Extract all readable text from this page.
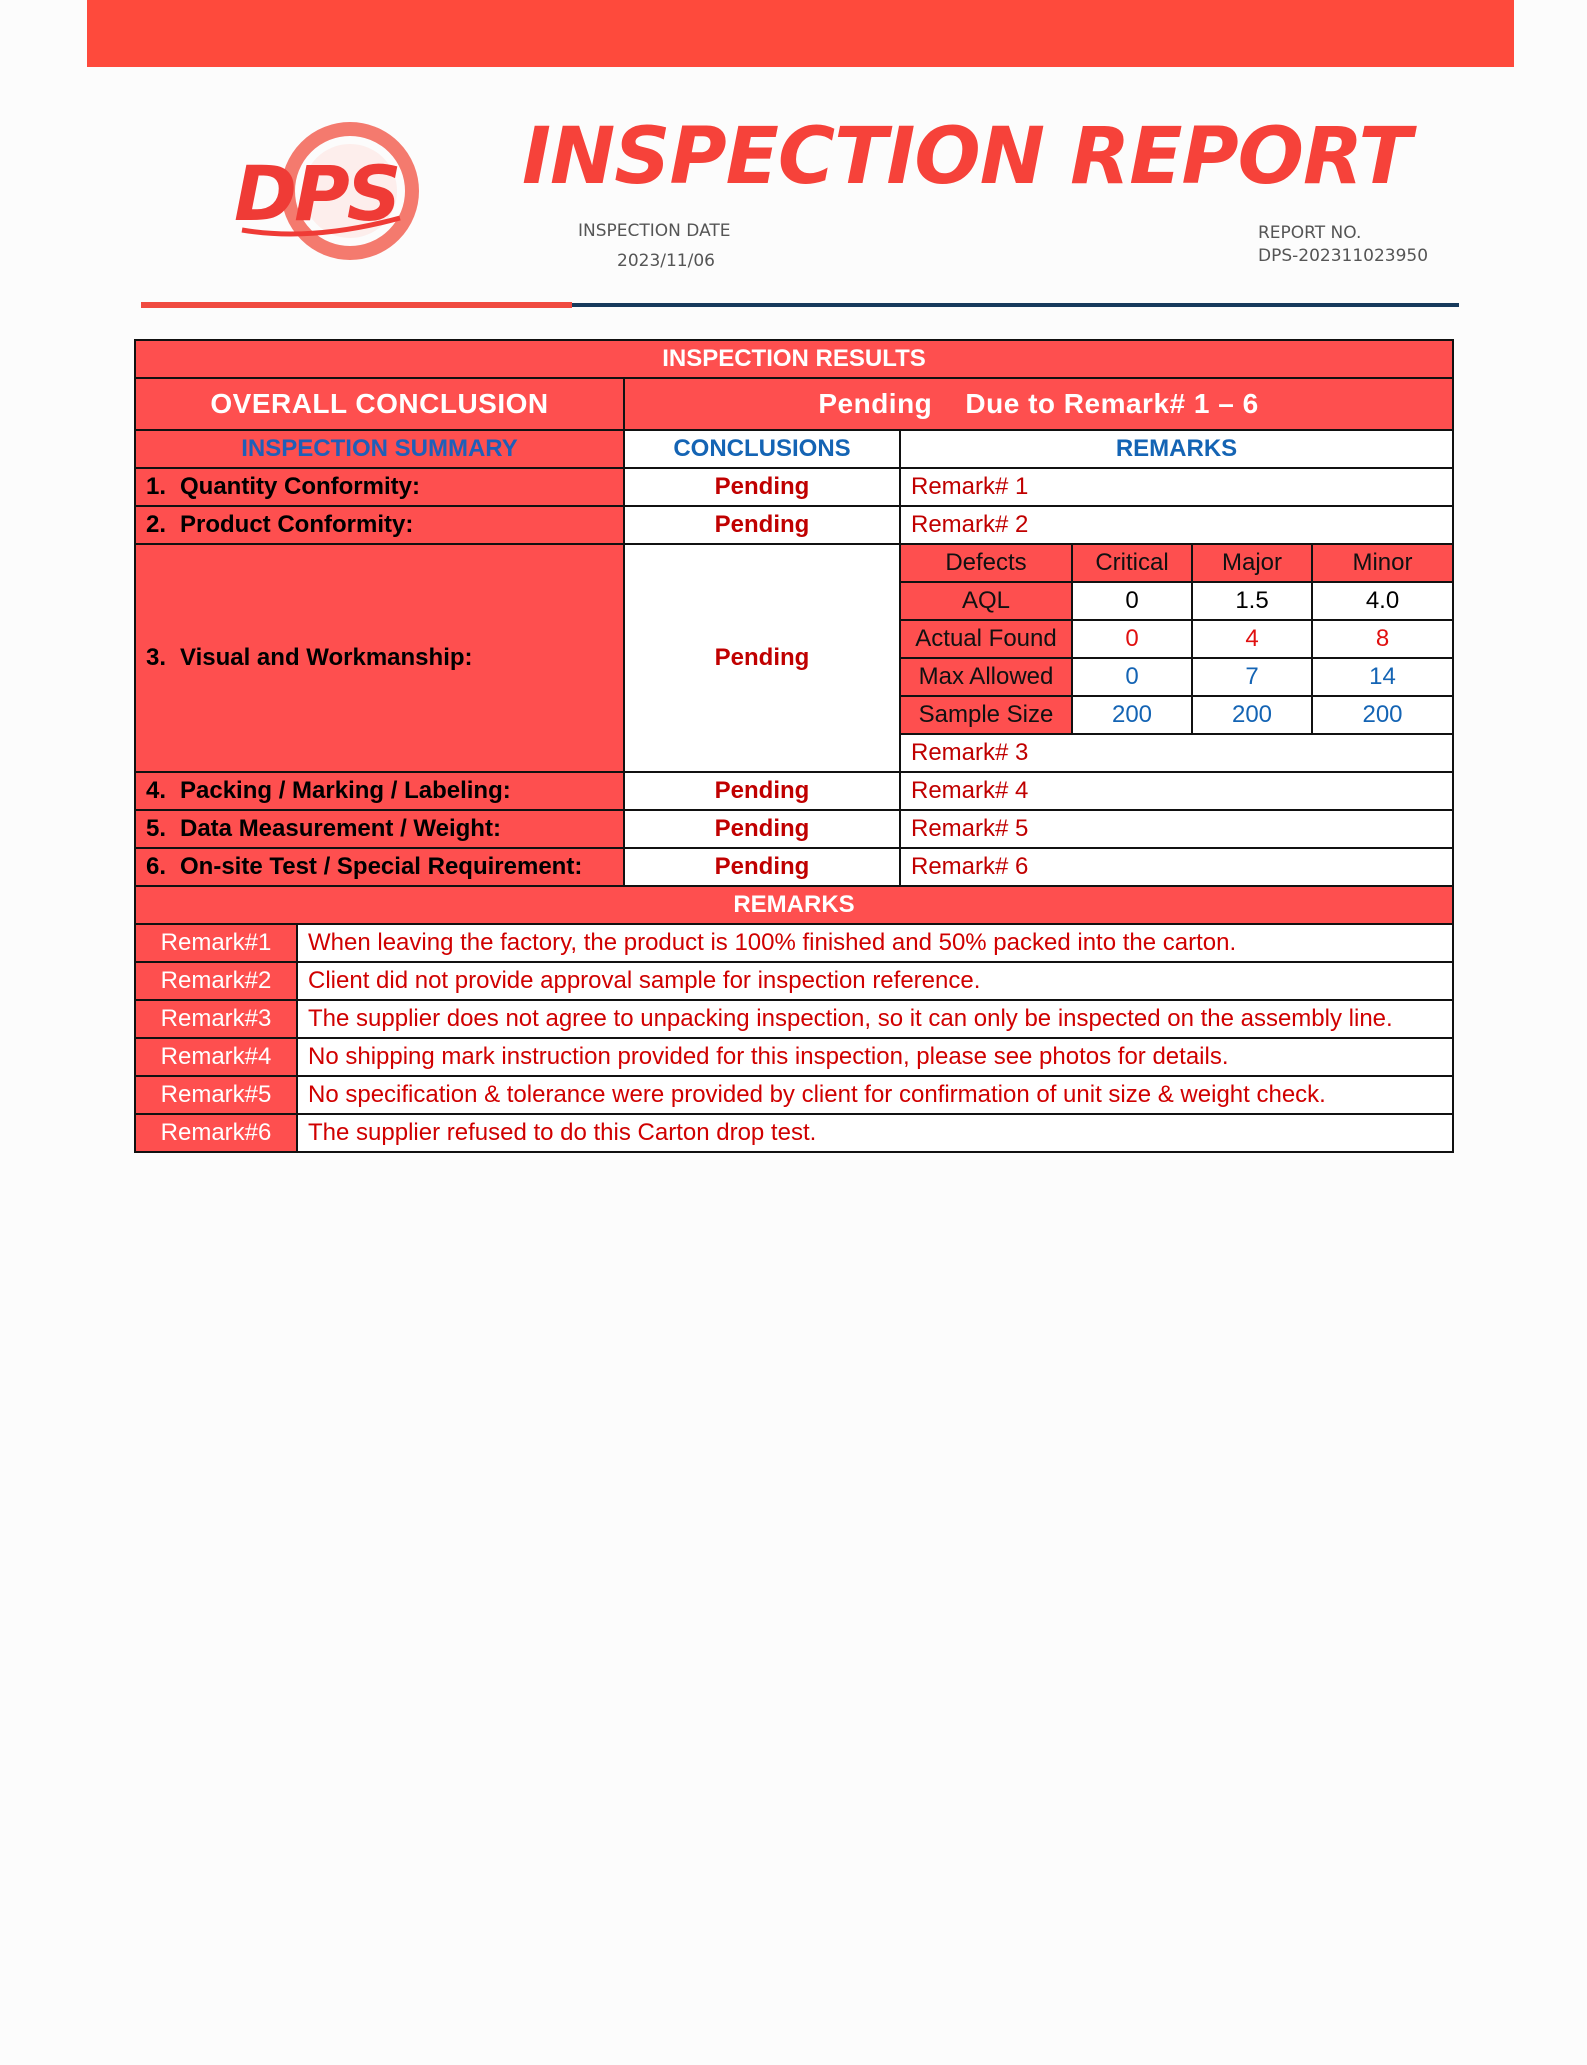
DPS INSPECTION REPORT
INSPECTION DATE
2023/11/06
REPORT NO.
DPS-202311023950
INSPECTION RESULTS						
OVERALL CONCLUSION		Pending    Due to Remark# 1 – 6				
INSPECTION SUMMARY		CONCLUSIONS	REMARKS			
1. Quantity Conformity:		Pending	Remark# 1			
2. Product Conformity:		Pending	Remark# 2			
3. Visual and Workmanship:		Pending	Defects	Critical	Major	Minor
			AQL	0	1.5	4.0
			Actual Found	0	4	8
			Max Allowed	0	7	14
			Sample Size	200	200	200
			Remark# 3			
4. Packing / Marking / Labeling:		Pending	Remark# 4			
5. Data Measurement / Weight:		Pending	Remark# 5			
6. On-site Test / Special Requirement:		Pending	Remark# 6			
REMARKS						
Remark#1	When leaving the factory, the product is 100% finished and 50% packed into the carton.					
Remark#2	Client did not provide approval sample for inspection reference.					
Remark#3	The supplier does not agree to unpacking inspection, so it can only be inspected on the assembly line.					
Remark#4	No shipping mark instruction provided for this inspection, please see photos for details.					
Remark#5	No specification & tolerance were provided by client for confirmation of unit size & weight check.					
Remark#6	The supplier refused to do this Carton drop test.					
